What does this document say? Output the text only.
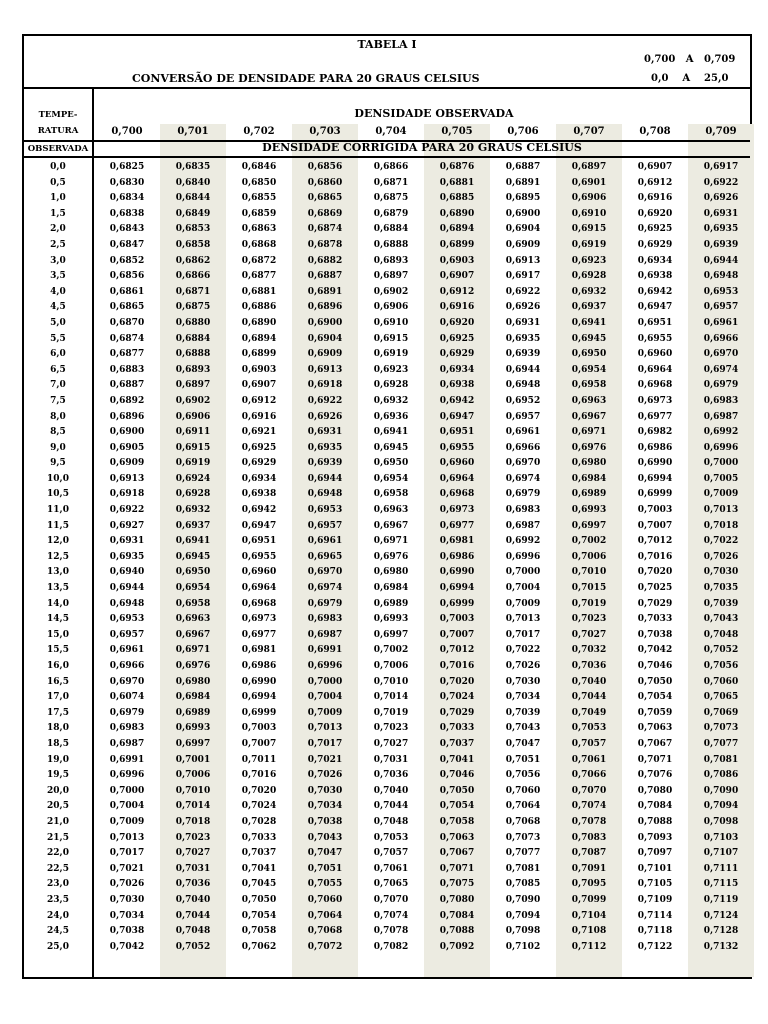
TABELA I
0,700 A 0,709
CONVERSÃO DE DENSIDADE PARA 20 GRAUS CELSIUS	0,0 A 25,0
TEMPE-
RATURA
OBSERVADA
DENSIDADE OBSERVADA
0,700	0,701	0,702	0,703	0,704	0,705	0,706	0,707	0,708	0,709
DENSIDADE CORRIGIDA PARA 20 GRAUS CELSIUS
0,0	0,6825	0,6835	0,6846	0,6856	0,6866	0,6876	0,6887	0,6897	0,6907	0,6917
0,5	0,6830	0,6840	0,6850	0,6860	0,6871	0,6881	0,6891	0,6901	0,6912	0,6922
1,0	0,6834	0,6844	0,6855	0,6865	0,6875	0,6885	0,6895	0,6906	0,6916	0,6926
1,5	0,6838	0,6849	0,6859	0,6869	0,6879	0,6890	0,6900	0,6910	0,6920	0,6931
2,0	0,6843	0,6853	0,6863	0,6874	0,6884	0,6894	0,6904	0,6915	0,6925	0,6935
2,5	0,6847	0,6858	0,6868	0,6878	0,6888	0,6899	0,6909	0,6919	0,6929	0,6939
3,0	0,6852	0,6862	0,6872	0,6882	0,6893	0,6903	0,6913	0,6923	0,6934	0,6944
3,5	0,6856	0,6866	0,6877	0,6887	0,6897	0,6907	0,6917	0,6928	0,6938	0,6948
4,0	0,6861	0,6871	0,6881	0,6891	0,6902	0,6912	0,6922	0,6932	0,6942	0,6953
4,5	0,6865	0,6875	0,6886	0,6896	0,6906	0,6916	0,6926	0,6937	0,6947	0,6957
5,0	0,6870	0,6880	0,6890	0,6900	0,6910	0,6920	0,6931	0,6941	0,6951	0,6961
5,5	0,6874	0,6884	0,6894	0,6904	0,6915	0,6925	0,6935	0,6945	0,6955	0,6966
6,0	0,6877	0,6888	0,6899	0,6909	0,6919	0,6929	0,6939	0,6950	0,6960	0,6970
6,5	0,6883	0,6893	0,6903	0,6913	0,6923	0,6934	0,6944	0,6954	0,6964	0,6974
7,0	0,6887	0,6897	0,6907	0,6918	0,6928	0,6938	0,6948	0,6958	0,6968	0,6979
7,5	0,6892	0,6902	0,6912	0,6922	0,6932	0,6942	0,6952	0,6963	0,6973	0,6983
8,0	0,6896	0,6906	0,6916	0,6926	0,6936	0,6947	0,6957	0,6967	0,6977	0,6987
8,5	0,6900	0,6911	0,6921	0,6931	0,6941	0,6951	0,6961	0,6971	0,6982	0,6992
9,0	0,6905	0,6915	0,6925	0,6935	0,6945	0,6955	0,6966	0,6976	0,6986	0,6996
9,5	0,6909	0,6919	0,6929	0,6939	0,6950	0,6960	0,6970	0,6980	0,6990	0,7000
10,0	0,6913	0,6924	0,6934	0,6944	0,6954	0,6964	0,6974	0,6984	0,6994	0,7005
10,5	0,6918	0,6928	0,6938	0,6948	0,6958	0,6968	0,6979	0,6989	0,6999	0,7009
11,0	0,6922	0,6932	0,6942	0,6953	0,6963	0,6973	0,6983	0,6993	0,7003	0,7013
11,5	0,6927	0,6937	0,6947	0,6957	0,6967	0,6977	0,6987	0,6997	0,7007	0,7018
12,0	0,6931	0,6941	0,6951	0,6961	0,6971	0,6981	0,6992	0,7002	0,7012	0,7022
12,5	0,6935	0,6945	0,6955	0,6965	0,6976	0,6986	0,6996	0,7006	0,7016	0,7026
13,0	0,6940	0,6950	0,6960	0,6970	0,6980	0,6990	0,7000	0,7010	0,7020	0,7030
13,5	0,6944	0,6954	0,6964	0,6974	0,6984	0,6994	0,7004	0,7015	0,7025	0,7035
14,0	0,6948	0,6958	0,6968	0,6979	0,6989	0,6999	0,7009	0,7019	0,7029	0,7039
14,5	0,6953	0,6963	0,6973	0,6983	0,6993	0,7003	0,7013	0,7023	0,7033	0,7043
15,0	0,6957	0,6967	0,6977	0,6987	0,6997	0,7007	0,7017	0,7027	0,7038	0,7048
15,5	0,6961	0,6971	0,6981	0,6991	0,7002	0,7012	0,7022	0,7032	0,7042	0,7052
16,0	0,6966	0,6976	0,6986	0,6996	0,7006	0,7016	0,7026	0,7036	0,7046	0,7056
16,5	0,6970	0,6980	0,6990	0,7000	0,7010	0,7020	0,7030	0,7040	0,7050	0,7060
17,0	0,6074	0,6984	0,6994	0,7004	0,7014	0,7024	0,7034	0,7044	0,7054	0,7065
17,5	0,6979	0,6989	0,6999	0,7009	0,7019	0,7029	0,7039	0,7049	0,7059	0,7069
18,0	0,6983	0,6993	0,7003	0,7013	0,7023	0,7033	0,7043	0,7053	0,7063	0,7073
18,5	0,6987	0,6997	0,7007	0,7017	0,7027	0,7037	0,7047	0,7057	0,7067	0,7077
19,0	0,6991	0,7001	0,7011	0,7021	0,7031	0,7041	0,7051	0,7061	0,7071	0,7081
19,5	0,6996	0,7006	0,7016	0,7026	0,7036	0,7046	0,7056	0,7066	0,7076	0,7086
20,0	0,7000	0,7010	0,7020	0,7030	0,7040	0,7050	0,7060	0,7070	0,7080	0,7090
20,5	0,7004	0,7014	0,7024	0,7034	0,7044	0,7054	0,7064	0,7074	0,7084	0,7094
21,0	0,7009	0,7018	0,7028	0,7038	0,7048	0,7058	0,7068	0,7078	0,7088	0,7098
21,5	0,7013	0,7023	0,7033	0,7043	0,7053	0,7063	0,7073	0,7083	0,7093	0,7103
22,0	0,7017	0,7027	0,7037	0,7047	0,7057	0,7067	0,7077	0,7087	0,7097	0,7107
22,5	0,7021	0,7031	0,7041	0,7051	0,7061	0,7071	0,7081	0,7091	0,7101	0,7111
23,0	0,7026	0,7036	0,7045	0,7055	0,7065	0,7075	0,7085	0,7095	0,7105	0,7115
23,5	0,7030	0,7040	0,7050	0,7060	0,7070	0,7080	0,7090	0,7099	0,7109	0,7119
24,0	0,7034	0,7044	0,7054	0,7064	0,7074	0,7084	0,7094	0,7104	0,7114	0,7124
24,5	0,7038	0,7048	0,7058	0,7068	0,7078	0,7088	0,7098	0,7108	0,7118	0,7128
25,0	0,7042	0,7052	0,7062	0,7072	0,7082	0,7092	0,7102	0,7112	0,7122	0,7132
